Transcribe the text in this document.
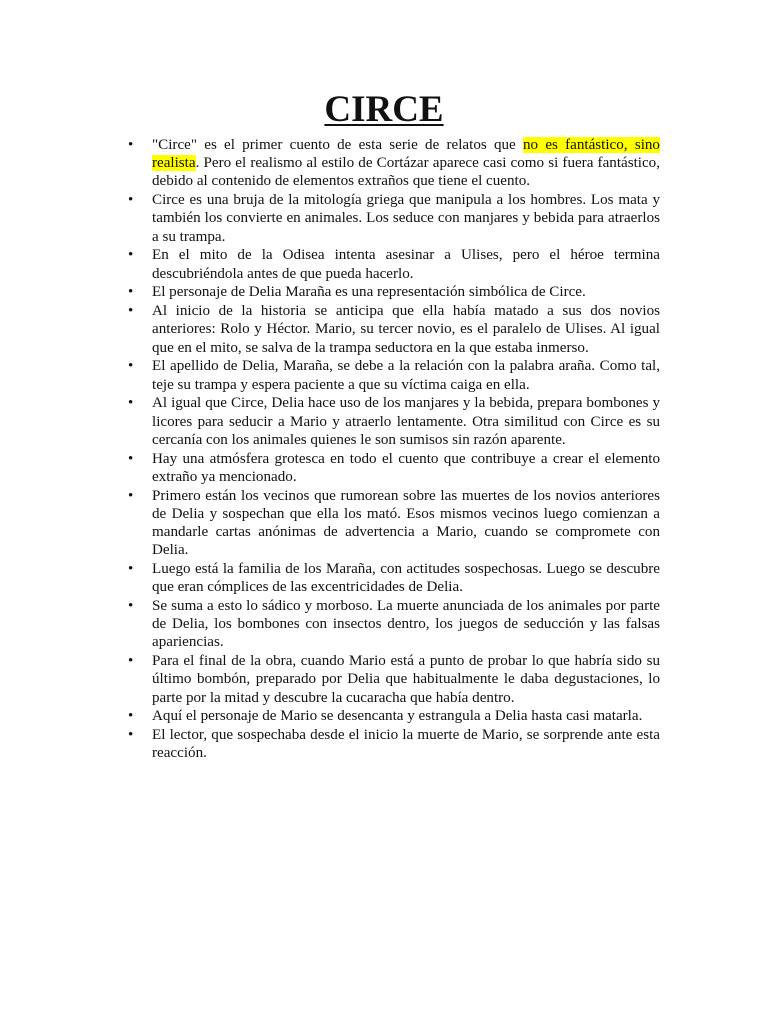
CIRCE
• "Circe" es el primer cuento de esta serie de relatos que no es fantástico, sino realista. Pero el realismo al estilo de Cortázar aparece casi como si fuera fantástico, debido al contenido de elementos extraños que tiene el cuento.
• Circe es una bruja de la mitología griega que manipula a los hombres. Los mata y también los convierte en animales. Los seduce con manjares y bebida para atraerlos a su trampa.
• En el mito de la Odisea intenta asesinar a Ulises, pero el héroe termina descubriéndola antes de que pueda hacerlo.
• El personaje de Delia Maraña es una representación simbólica de Circe.
• Al inicio de la historia se anticipa que ella había matado a sus dos novios anteriores: Rolo y Héctor. Mario, su tercer novio, es el paralelo de Ulises. Al igual que en el mito, se salva de la trampa seductora en la que estaba inmerso.
• El apellido de Delia, Maraña, se debe a la relación con la palabra araña. Como tal, teje su trampa y espera paciente a que su víctima caiga en ella.
• Al igual que Circe, Delia hace uso de los manjares y la bebida, prepara bombones y licores para seducir a Mario y atraerlo lentamente. Otra similitud con Circe es su cercanía con los animales quienes le son sumisos sin razón aparente.
• Hay una atmósfera grotesca en todo el cuento que contribuye a crear el elemento extraño ya mencionado.
• Primero están los vecinos que rumorean sobre las muertes de los novios anteriores de Delia y sospechan que ella los mató. Esos mismos vecinos luego comienzan a mandarle cartas anónimas de advertencia a Mario, cuando se compromete con Delia.
• Luego está la familia de los Maraña, con actitudes sospechosas. Luego se descubre que eran cómplices de las excentricidades de Delia.
• Se suma a esto lo sádico y morboso. La muerte anunciada de los animales por parte de Delia, los bombones con insectos dentro, los juegos de seducción y las falsas apariencias.
• Para el final de la obra, cuando Mario está a punto de probar lo que habría sido su último bombón, preparado por Delia que habitualmente le daba degustaciones, lo parte por la mitad y descubre la cucaracha que había dentro.
• Aquí el personaje de Mario se desencanta y estrangula a Delia hasta casi matarla.
• El lector, que sospechaba desde el inicio la muerte de Mario, se sorprende ante esta reacción.
